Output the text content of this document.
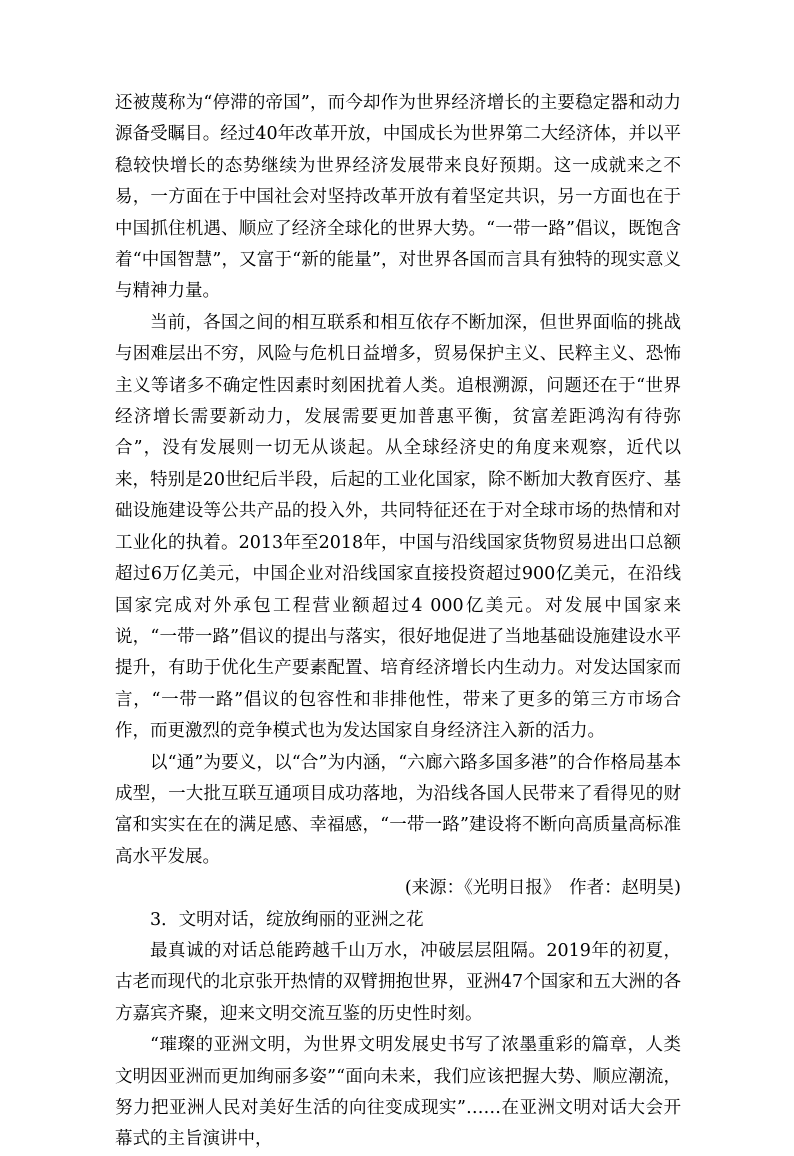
还被蔑称为“停滞的帝国”，而今却作为世界经济增长的主要稳定器和动力源备受瞩目。经过40年改革开放，中国成长为世界第二大经济体，并以平稳较快增长的态势继续为世界经济发展带来良好预期。这一成就来之不易，一方面在于中国社会对坚持改革开放有着坚定共识，另一方面也在于中国抓住机遇、顺应了经济全球化的世界大势。“一带一路”倡议，既饱含着“中国智慧”，又富于“新的能量”，对世界各国而言具有独特的现实意义与精神力量。

当前，各国之间的相互联系和相互依存不断加深，但世界面临的挑战与困难层出不穷，风险与危机日益增多，贸易保护主义、民粹主义、恐怖主义等诸多不确定性因素时刻困扰着人类。追根溯源，问题还在于“世界经济增长需要新动力，发展需要更加普惠平衡，贫富差距鸿沟有待弥合”，没有发展则一切无从谈起。从全球经济史的角度来观察，近代以来，特别是20世纪后半段，后起的工业化国家，除不断加大教育医疗、基础设施建设等公共产品的投入外，共同特征还在于对全球市场的热情和对工业化的执着。2013年至2018年，中国与沿线国家货物贸易进出口总额超过6万亿美元，中国企业对沿线国家直接投资超过900亿美元，在沿线国家完成对外承包工程营业额超过4 000亿美元。对发展中国家来说，“一带一路”倡议的提出与落实，很好地促进了当地基础设施建设水平提升，有助于优化生产要素配置、培育经济增长内生动力。对发达国家而言，“一带一路”倡议的包容性和非排他性，带来了更多的第三方市场合作，而更激烈的竞争模式也为发达国家自身经济注入新的活力。

以“通”为要义，以“合”为内涵，“六廊六路多国多港”的合作格局基本成型，一大批互联互通项目成功落地，为沿线各国人民带来了看得见的财富和实实在在的满足感、幸福感，“一带一路”建设将不断向高质量高标准高水平发展。

(来源：《光明日报》　作者：赵明昊)

3．文明对话，绽放绚丽的亚洲之花

最真诚的对话总能跨越千山万水，冲破层层阻隔。2019年的初夏，古老而现代的北京张开热情的双臂拥抱世界，亚洲47个国家和五大洲的各方嘉宾齐聚，迎来文明交流互鉴的历史性时刻。

“璀璨的亚洲文明，为世界文明发展史书写了浓墨重彩的篇章，人类文明因亚洲而更加绚丽多姿”“面向未来，我们应该把握大势、顺应潮流，努力把亚洲人民对美好生活的向往变成现实”……在亚洲文明对话大会开幕式的主旨演讲中，
